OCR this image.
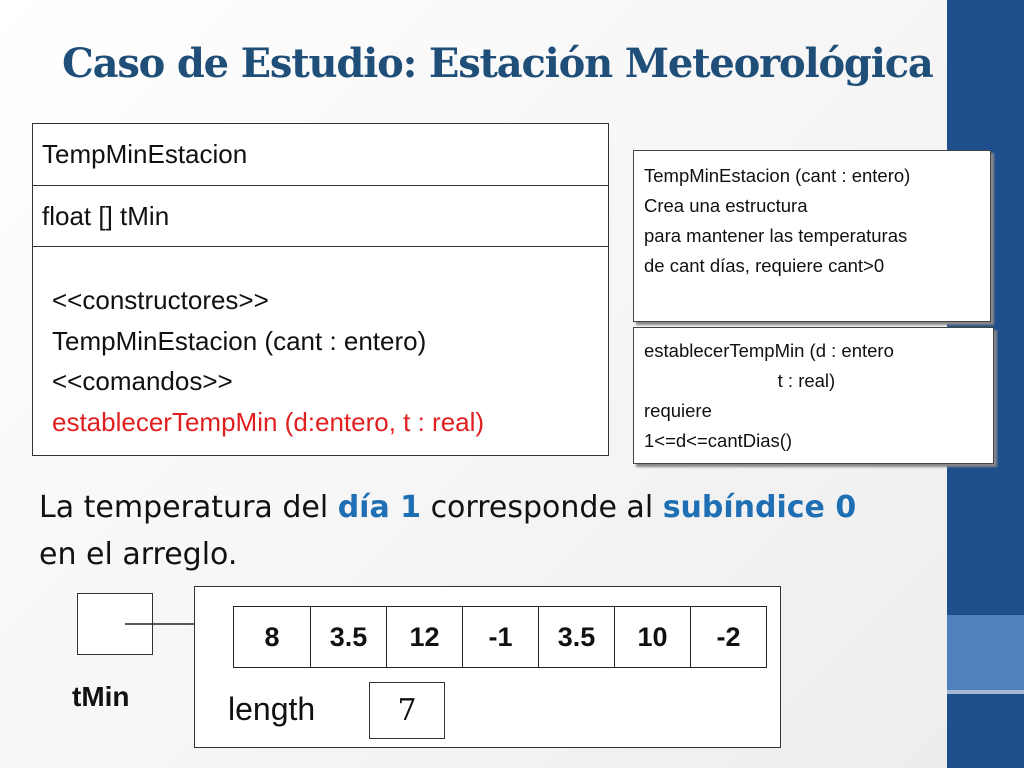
Caso de Estudio: Estación Meteorológica
TempMinEstacion
float [] tMin
<<constructores>>
TempMinEstacion (cant : entero)
<<comandos>>
establecerTempMin (d:entero, t : real)
TempMinEstacion (cant : entero)
Crea una estructura
para mantener las temperaturas
de cant días, requiere cant>0
establecerTempMin (d : entero
t : real)
requiere
1<=d<=cantDias()
La temperatura del día 1 corresponde al subíndice 0
en el arreglo.
tMin
8	3.5	12	-1	3.5	10	-2
length	7
